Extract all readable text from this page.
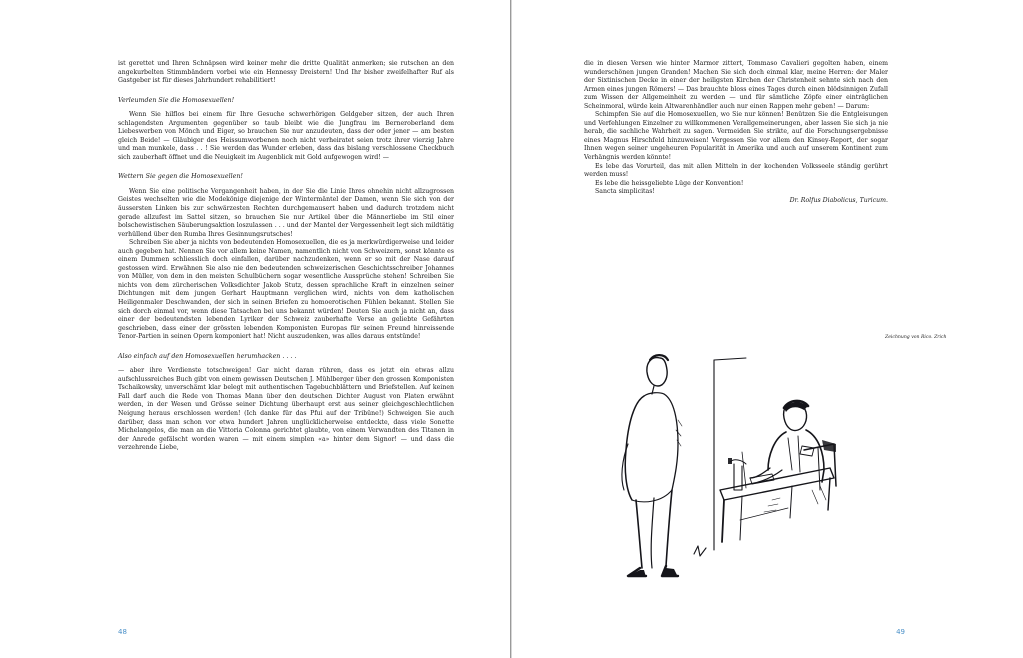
ist gerettet und Ihren Schnäpsen wird keiner mehr die dritte Qualität anmerken; sie rutschen an den angekurbelten Stimmbändern vorbei wie ein Hennessy Dreistern! Und Ihr bisher zweifelhafter Ruf als Gastgeber ist für dieses Jahrhundert rehabilitiert!

Verleumden Sie die Homosexuellen!

Wenn Sie hilflos bei einem für Ihre Gesuche schwerhörigen Geldgeber sitzen, der auch Ihren schlagendsten Argumenten gegenüber so taub bleibt wie die Jungfrau im Berneroberland dem Liebeswerben von Mönch und Eiger, so brauchen Sie nur anzudeuten, dass der oder jener — am besten gleich Beide! — Gläubiger des Heissumworbenen noch nicht verheiratet seien trotz ihrer vierzig Jahre und man munkele, dass . . ! Sie werden das Wunder erleben, dass das bislang verschlossene Checkbuch sich zauberhaft öffnet und die Neuigkeit im Augenblick mit Gold aufgewogen wird! —

Wettern Sie gegen die Homosexuellen!

Wenn Sie eine politische Vergangenheit haben, in der Sie die Linie Ihres ohnehin nicht allzugrossen Geistes wechselten wie die Modekönige diejenige der Wintermäntel der Damen, wenn Sie sich von der äussersten Linken bis zur schwärzesten Rechten durchgemausert haben und dadurch trotzdem nicht gerade allzufest im Sattel sitzen, so brauchen Sie nur Artikel über die Männerliebe im Stil einer bolschewistischen Säuberungsaktion loszulassen . . . und der Mantel der Vergessenheit legt sich mildtätig verhüllend über den Rumba Ihres Gesinnungsrutsches!

Schreiben Sie aber ja nichts von bedeutenden Homosexuellen, die es ja merkwürdigerweise und leider auch gegeben hat. Nennen Sie vor allem keine Namen, namentlich nicht von Schweizern, sonst könnte es einem Dummen schliesslich doch einfallen, darüber nachzudenken, wenn er so mit der Nase darauf gestossen wird. Erwähnen Sie also nie den bedeutenden schweizerischen Geschichtsschreiber Johannes von Müller, von dem in den meisten Schulbüchern sogar wesentliche Aussprüche stehen! Schreiben Sie nichts von dem zürcherischen Volksdichter Jakob Stutz, dessen sprachliche Kraft in einzelnen seiner Dichtungen mit dem jungen Gerhart Hauptmann verglichen wird, nichts von dem katholischen Heiligenmaler Deschwanden, der sich in seinen Briefen zu homoerotischen Fühlen bekannt. Stellen Sie sich dorch einmal vor, wenn diese Tatsachen bei uns bekannt würden! Deuten Sie auch ja nicht an, dass einer der bedeutendsten lebenden Lyriker der Schweiz zauberhafte Verse an geliebte Gefährten geschrieben, dass einer der grössten lebenden Komponisten Europas für seinen Freund hinreissende Tenor-Partien in seinen Opern komponiert hat! Nicht auszudenken, was alles daraus entstünde!

Also einfach auf den Homosexuellen herumhacken . . . .

— aber ihre Verdienste totschweigen! Gar nicht daran rühren, dass es jetzt ein etwas allzu aufschlussreiches Buch gibt von einem gewissen Deutschen J. Mühlberger über den grossen Komponisten Tschaikowsky, unverschämt klar belegt mit authentischen Tagebuchblättern und Briefstellen. Auf keinen Fall darf auch die Rede von Thomas Mann über den deutschen Dichter August von Platen erwähnt werden, in der Wesen und Grösse seiner Dichtung überhaupt erst aus seiner gleichgeschlechtlichen Neigung heraus erschlossen werden! (Ich danke für das Pfui auf der Tribüne!) Schweigen Sie auch darüber, dass man schon vor etwa hundert Jahren unglücklicherweise entdeckte, dass viele Sonette Michelangelos, die man an die Vittoria Colonna gerichtet glaubte, von einem Verwandten des Titanen in der Anrede gefälscht worden waren — mit einem simplen «a» hinter dem Signor! — und dass die verzehrende Liebe,

48

die in diesen Versen wie hinter Marmor zittert, Tommaso Cavalieri gegolten haben, einem wunderschönen jungen Granden! Machen Sie sich doch einmal klar, meine Herren: der Maler der Sixtinischen Decke in einer der heiligsten Kirchen der Christenheit sehnte sich nach den Armen eines jungen Römers! — Das brauchte bloss eines Tages durch einen blödsinnigen Zufall zum Wissen der Allgemeinheit zu werden — und für sämtliche Zöpfe einer einträglichen Scheinmoral, würde kein Altwarenhändler auch nur einen Rappen mehr geben! — Darum:

Schimpfen Sie auf die Homosexuellen, wo Sie nur können! Benützen Sie die Entgleisungen und Verfehlungen Einzelner zu willkommenen Verallgemeinerungen, aber lassen Sie sich ja nie herab, die sachliche Wahrheit zu sagen. Vermeiden Sie strikte, auf die Forschungsergebnisse eines Magnus Hirschfeld hinzuweisen! Vergessen Sie vor allem den Kinsey-Report, der sogar Ihnen wegen seiner ungeheuren Popularität in Amerika und auch auf unserem Kontinent zum Verhängnis werden könnte!

Es lebe das Vorurteil, das mit allen Mitteln in der kochenden Volksseele ständig gerührt werden muss!

Es lebe die heissgeliebte Lüge der Konvention!

Sancta simplicitas!

Dr. Rolfus Diabolicus, Turicum.

Zeichnung von Rico. Zrich
49
